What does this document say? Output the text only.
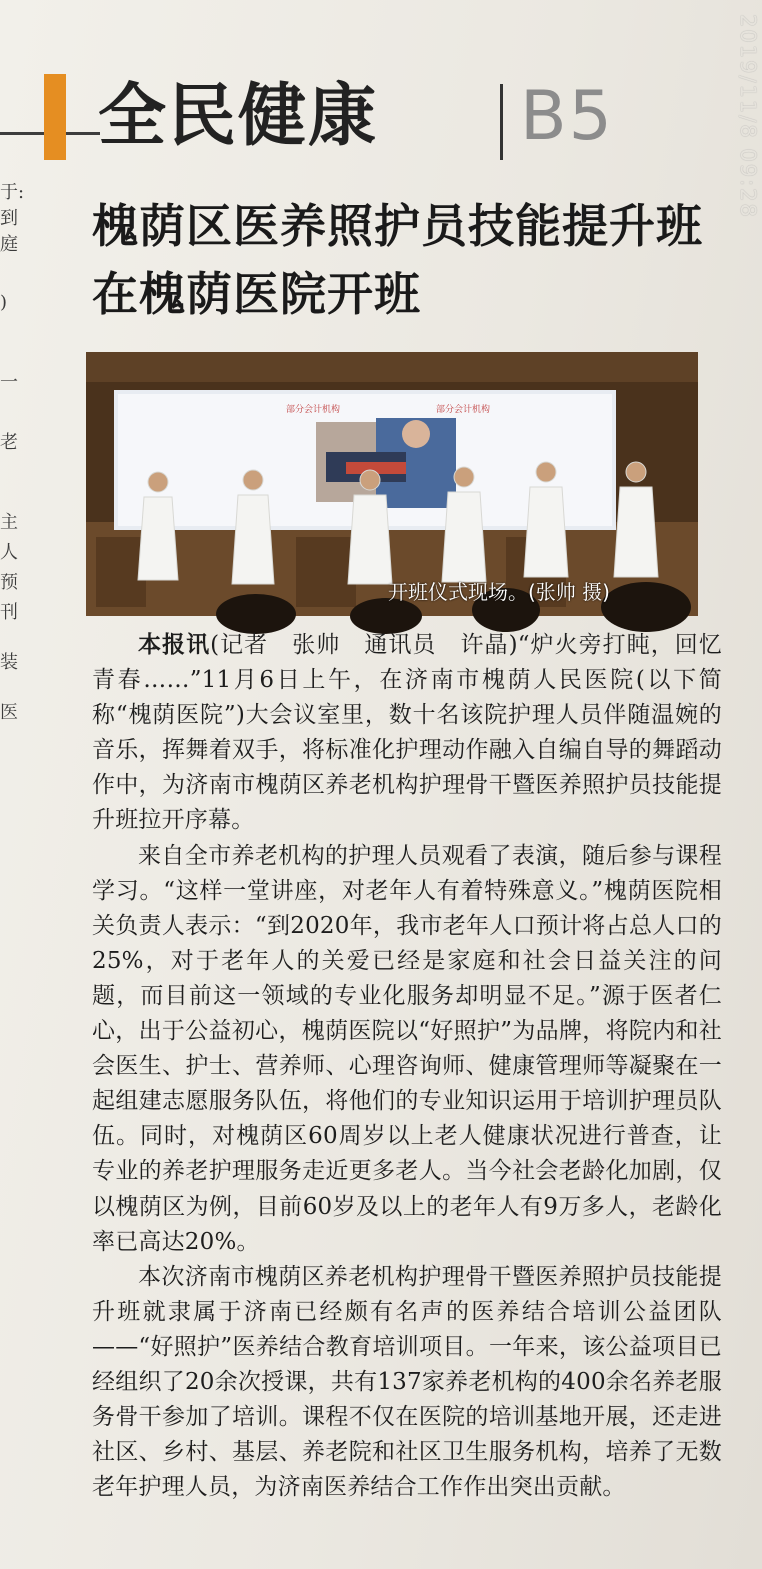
于:
到
庭
)
一
老
主
人
预
刊
装
医
全民健康 B5	2019/11/8 09:28
槐荫区医养照护员技能提升班
在槐荫医院开班
部分会计机构	部分会计机构
开班仪式现场。(张帅 摄)

本报讯(记者　张帅　通讯员　许晶)“炉火旁打盹，回忆青春……”11月6日上午，在济南市槐荫人民医院(以下简称“槐荫医院”)大会议室里，数十名该院护理人员伴随温婉的音乐，挥舞着双手，将标准化护理动作融入自编自导的舞蹈动作中，为济南市槐荫区养老机构护理骨干暨医养照护员技能提升班拉开序幕。

来自全市养老机构的护理人员观看了表演，随后参与课程学习。“这样一堂讲座，对老年人有着特殊意义。”槐荫医院相关负责人表示：“到2020年，我市老年人口预计将占总人口的25%，对于老年人的关爱已经是家庭和社会日益关注的问题，而目前这一领域的专业化服务却明显不足。”源于医者仁心，出于公益初心，槐荫医院以“好照护”为品牌，将院内和社会医生、护士、营养师、心理咨询师、健康管理师等凝聚在一起组建志愿服务队伍，将他们的专业知识运用于培训护理员队伍。同时，对槐荫区60周岁以上老人健康状况进行普查，让专业的养老护理服务走近更多老人。当今社会老龄化加剧，仅以槐荫区为例，目前60岁及以上的老年人有9万多人，老龄化率已高达20%。

本次济南市槐荫区养老机构护理骨干暨医养照护员技能提升班就隶属于济南已经颇有名声的医养结合培训公益团队——“好照护”医养结合教育培训项目。一年来，该公益项目已经组织了20余次授课，共有137家养老机构的400余名养老服务骨干参加了培训。课程不仅在医院的培训基地开展，还走进社区、乡村、基层、养老院和社区卫生服务机构，培养了无数老年护理人员，为济南医养结合工作作出突出贡献。
